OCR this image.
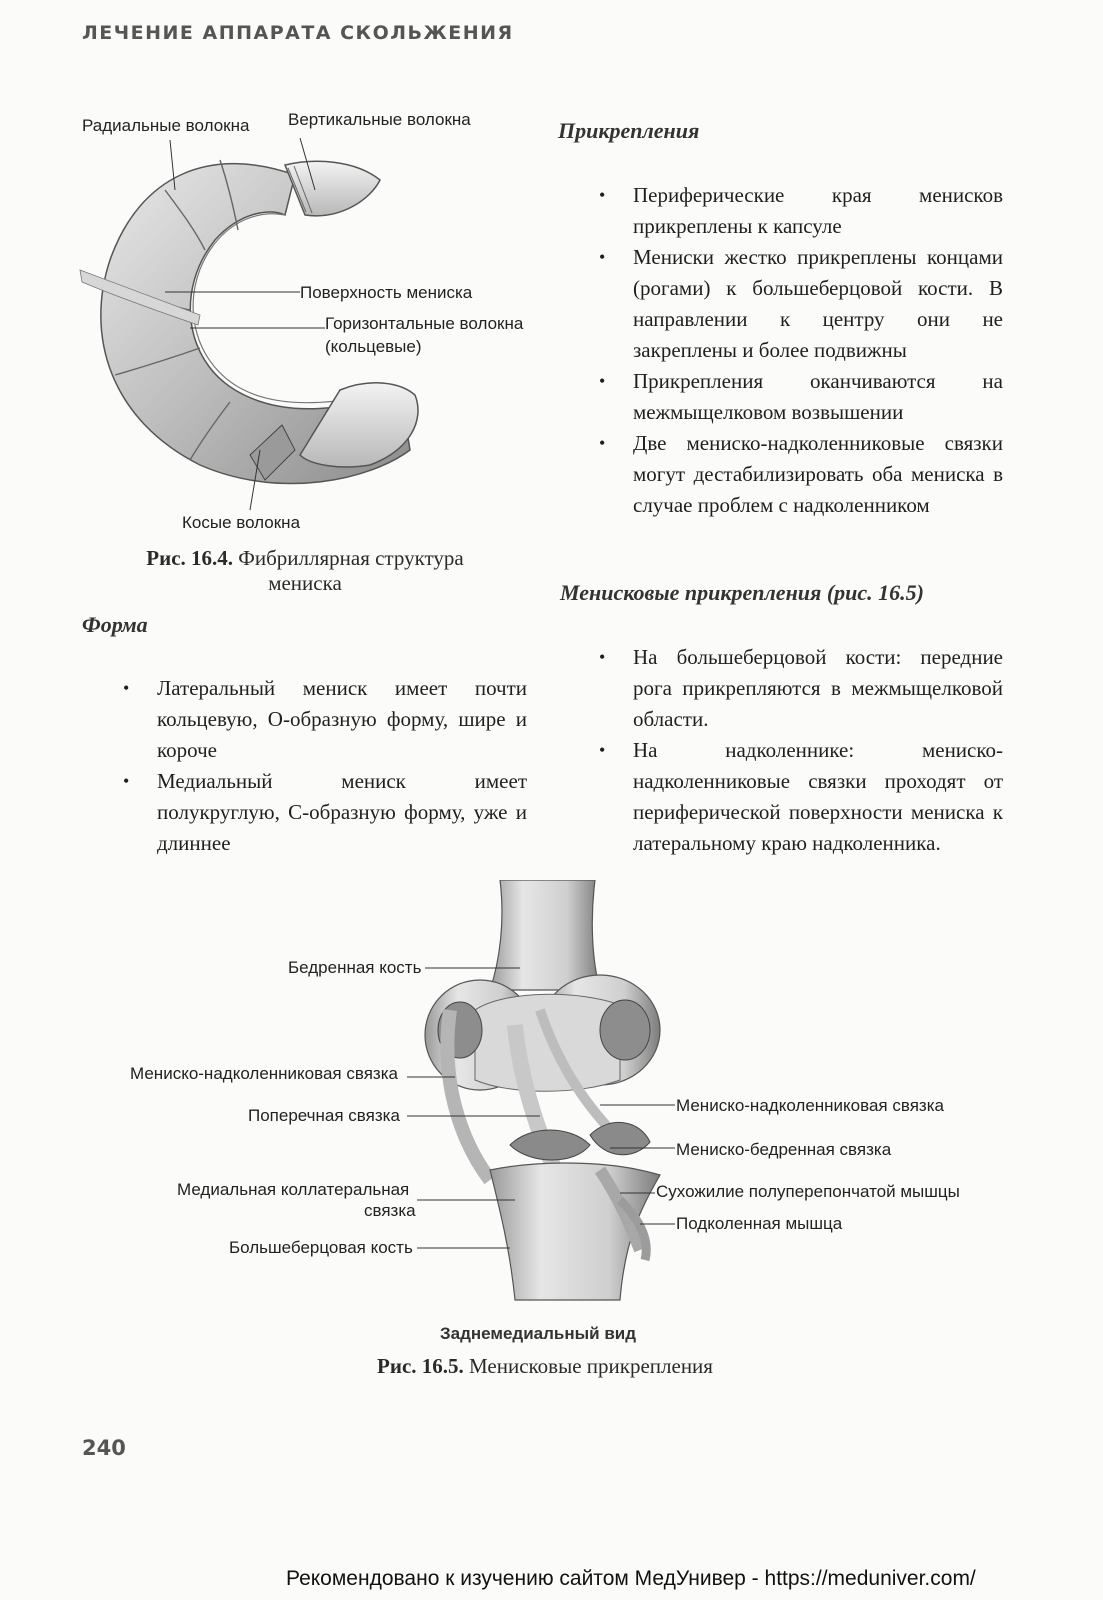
ЛЕЧЕНИЕ АППАРАТА СКОЛЬЖЕНИЯ
Радиальные волокна Вертикальные волокна
Поверхность мениска
Горизонтальные волокна
(кольцевые)
Косые волокна
Рис. 16.4. Фибриллярная структура
мениска
Форма
• Латеральный мениск имеет почти кольцевую, О-образную форму, шире и короче
• Медиальный мениск имеет полукруглую, С-образную форму, уже и длиннее
Прикрепления
• Периферические края менисков прикреплены к капсуле
• Мениски жестко прикреплены концами (рогами) к большеберцовой кости. В направлении к центру они не закреплены и более подвижны
• Прикрепления оканчиваются на межмыщелковом возвышении
• Две мениско-надколенниковые связки могут дестабилизировать оба мениска в случае проблем с надколенником
Менисковые прикрепления (рис. 16.5)
• На большеберцовой кости: передние рога прикрепляются в межмыщелковой области.
• На надколеннике: мениско-надколенниковые связки проходят от периферической поверхности мениска к латеральному краю надколенника.
Бедренная кость
Мениско-надколенниковая связка
Поперечная связка
Медиальная коллатеральная
связка
Большеберцовая кость
Мениско-надколенниковая связка
Мениско-бедренная связка
Сухожилие полуперепончатой мышцы
Подколенная мышца
Заднемедиальный вид
Рис. 16.5. Менисковые прикрепления
240
Рекомендовано к изучению сайтом МедУнивер - https://meduniver.com/
